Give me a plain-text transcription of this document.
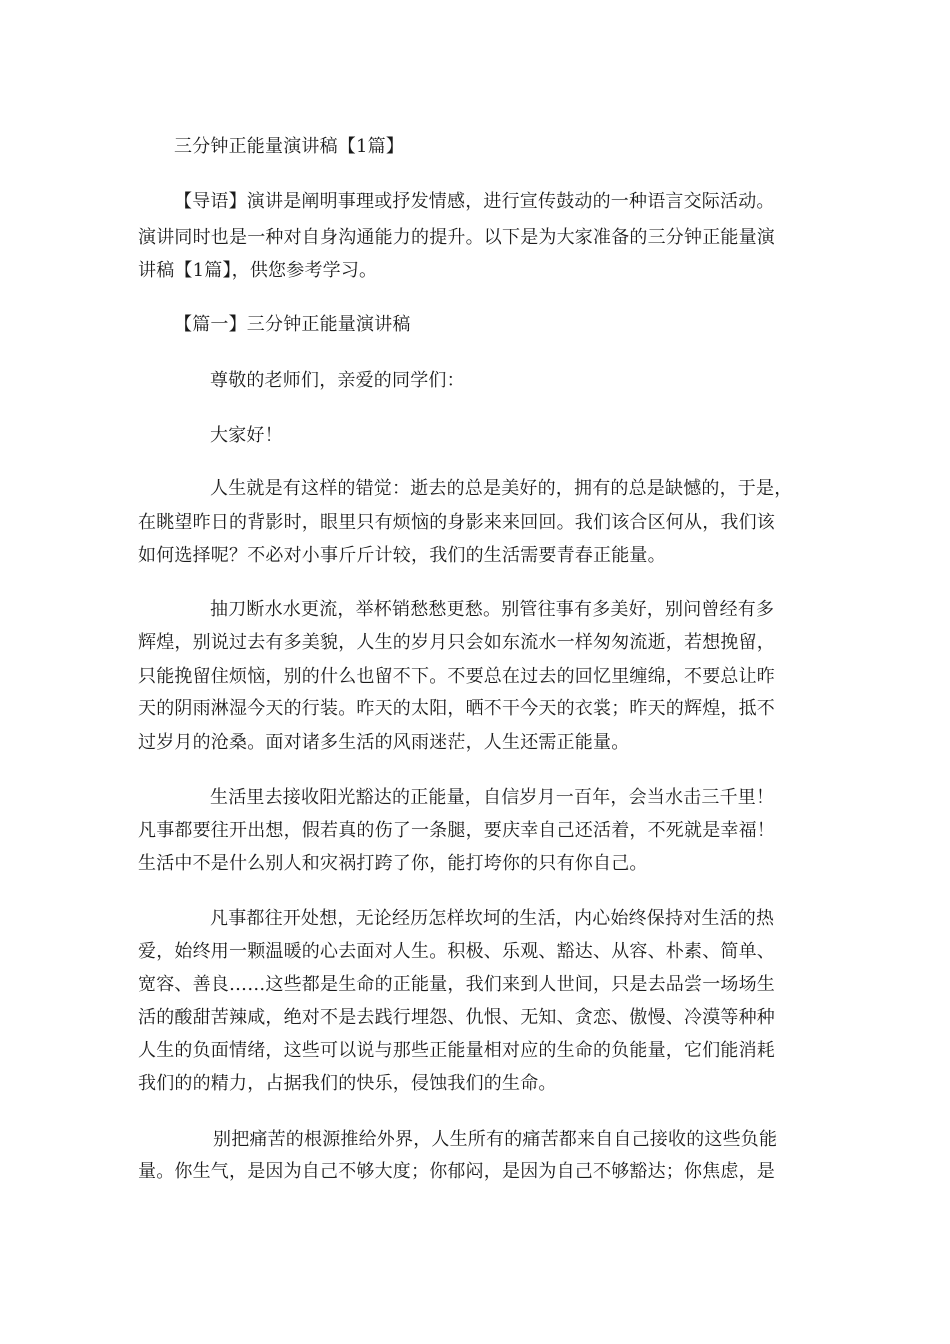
三分钟正能量演讲稿【1篇】
【导语】演讲是阐明事理或抒发情感，进行宣传鼓动的一种语言交际活动。
演讲同时也是一种对自身沟通能力的提升。以下是为大家准备的三分钟正能量演
讲稿【1篇】，供您参考学习。
【篇一】三分钟正能量演讲稿
尊敬的老师们，亲爱的同学们：
大家好！
人生就是有这样的错觉：逝去的总是美好的，拥有的总是缺憾的，于是，
在眺望昨日的背影时，眼里只有烦恼的身影来来回回。我们该合区何从，我们该
如何选择呢？不必对小事斤斤计较，我们的生活需要青春正能量。
抽刀断水水更流，举杯销愁愁更愁。别管往事有多美好，别问曾经有多
辉煌，别说过去有多美貌，人生的岁月只会如东流水一样匆匆流逝，若想挽留，
只能挽留住烦恼，别的什么也留不下。不要总在过去的回忆里缠绵，不要总让昨
天的阴雨淋湿今天的行装。昨天的太阳，晒不干今天的衣裳；昨天的辉煌，抵不
过岁月的沧桑。面对诸多生活的风雨迷茫，人生还需正能量。
生活里去接收阳光豁达的正能量，自信岁月一百年，会当水击三千里！
凡事都要往开出想，假若真的伤了一条腿，要庆幸自己还活着，不死就是幸福！
生活中不是什么别人和灾祸打跨了你，能打垮你的只有你自己。
凡事都往开处想，无论经历怎样坎坷的生活，内心始终保持对生活的热
爱，始终用一颗温暖的心去面对人生。积极、乐观、豁达、从容、朴素、简单、
宽容、善良……这些都是生命的正能量，我们来到人世间，只是去品尝一场场生
活的酸甜苦辣咸，绝对不是去践行埋怨、仇恨、无知、贪恋、傲慢、冷漠等种种
人生的负面情绪，这些可以说与那些正能量相对应的生命的负能量，它们能消耗
我们的的精力，占据我们的快乐，侵蚀我们的生命。
别把痛苦的根源推给外界，人生所有的痛苦都来自自己接收的这些负能
量。你生气，是因为自己不够大度；你郁闷，是因为自己不够豁达；你焦虑，是
